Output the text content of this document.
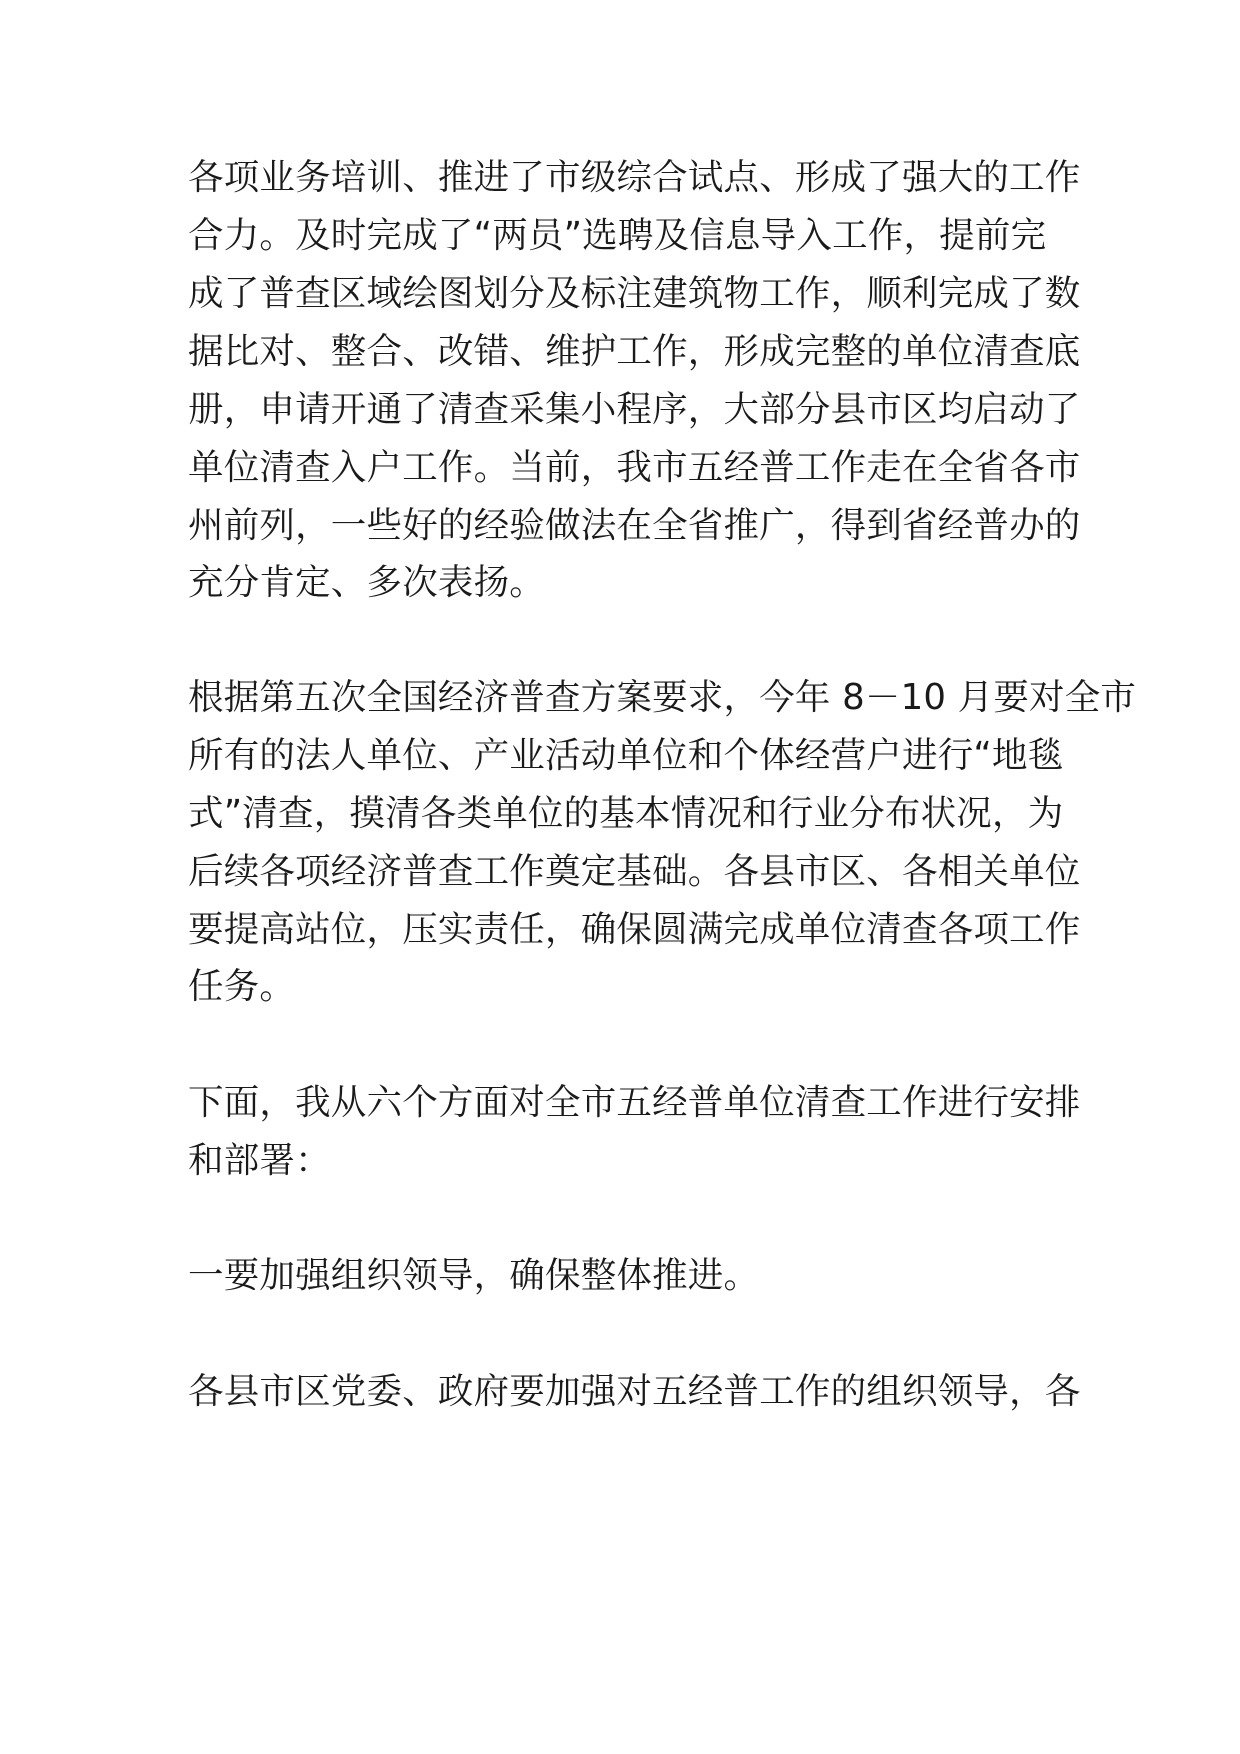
各项业务培训、推进了市级综合试点、形成了强大的工作
合力。及时完成了“两员”选聘及信息导入工作，提前完
成了普查区域绘图划分及标注建筑物工作，顺利完成了数
据比对、整合、改错、维护工作，形成完整的单位清查底
册，申请开通了清查采集小程序，大部分县市区均启动了
单位清查入户工作。当前，我市五经普工作走在全省各市
州前列，一些好的经验做法在全省推广，得到省经普办的
充分肯定、多次表扬。
根据第五次全国经济普查方案要求，今年 8－10 月要对全市
所有的法人单位、产业活动单位和个体经营户进行“地毯
式”清查，摸清各类单位的基本情况和行业分布状况，为
后续各项经济普查工作奠定基础。各县市区、各相关单位
要提高站位，压实责任，确保圆满完成单位清查各项工作
任务。
下面，我从六个方面对全市五经普单位清查工作进行安排
和部署：
一要加强组织领导，确保整体推进。
各县市区党委、政府要加强对五经普工作的组织领导，各
